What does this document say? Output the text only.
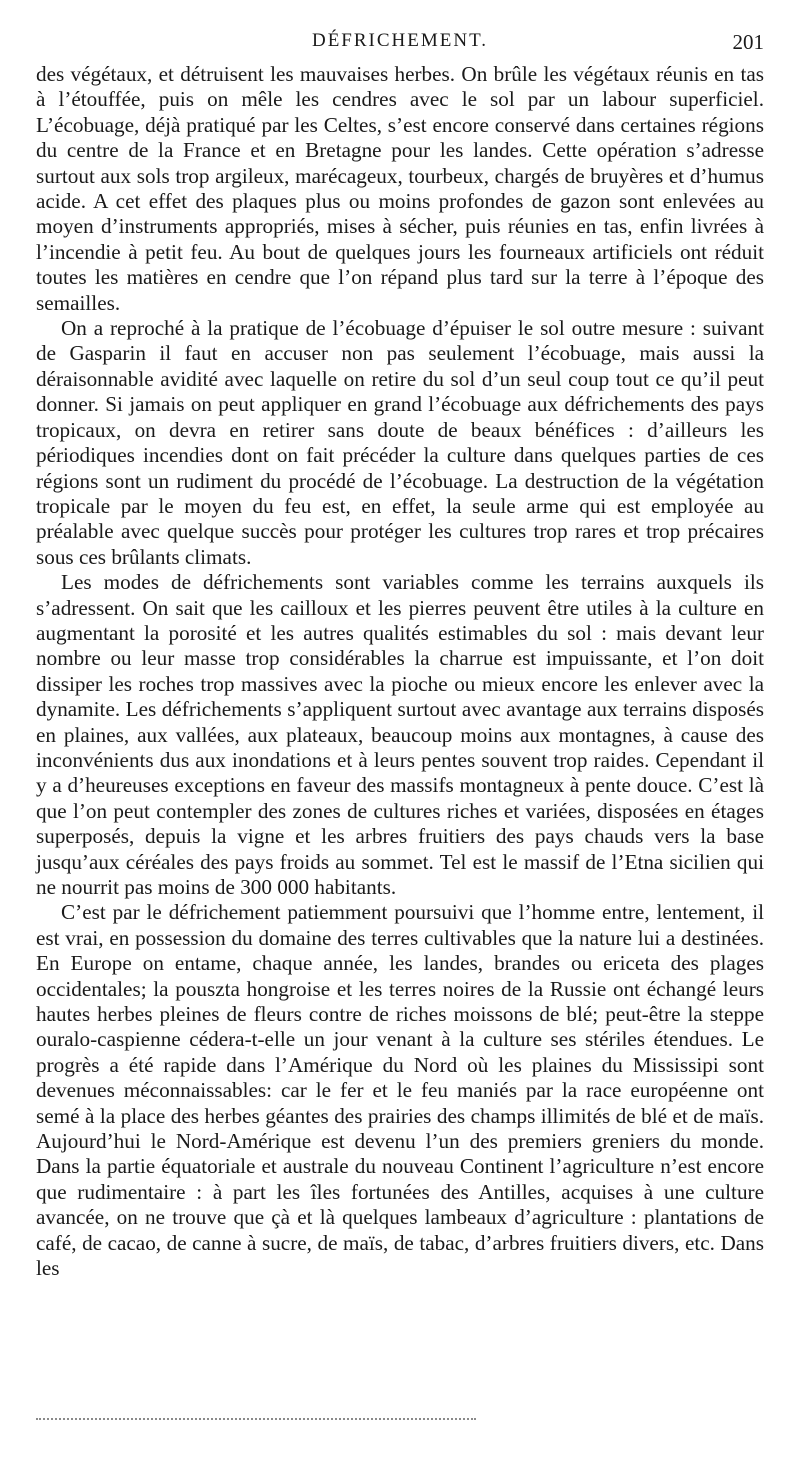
DÉFRICHEMENT.	201

des végétaux, et détruisent les mauvaises herbes. On brûle les végétaux réunis en tas à l’étouffée, puis on mêle les cendres avec le sol par un labour superficiel. L’écobuage, déjà pratiqué par les Celtes, s’est encore conservé dans certaines régions du centre de la France et en Bretagne pour les landes. Cette opération s’adresse surtout aux sols trop argileux, marécageux, tourbeux, chargés de bruyères et d’humus acide. A cet effet des plaques plus ou moins profondes de gazon sont enlevées au moyen d’instruments appropriés, mises à sécher, puis réunies en tas, enfin livrées à l’incendie à petit feu. Au bout de quelques jours les fourneaux artificiels ont réduit toutes les matières en cendre que l’on répand plus tard sur la terre à l’époque des semailles.

On a reproché à la pratique de l’écobuage d’épuiser le sol outre mesure : suivant de Gasparin il faut en accuser non pas seulement l’écobuage, mais aussi la déraisonnable avidité avec laquelle on retire du sol d’un seul coup tout ce qu’il peut donner. Si jamais on peut appliquer en grand l’écobuage aux défrichements des pays tropicaux, on devra en retirer sans doute de beaux bénéfices : d’ailleurs les périodiques incendies dont on fait précéder la culture dans quelques parties de ces régions sont un rudiment du procédé de l’écobuage. La destruction de la végétation tropicale par le moyen du feu est, en effet, la seule arme qui est employée au préalable avec quelque succès pour protéger les cultures trop rares et trop précaires sous ces brûlants climats.

Les modes de défrichements sont variables comme les terrains auxquels ils s’adressent. On sait que les cailloux et les pierres peuvent être utiles à la culture en augmentant la porosité et les autres qualités estimables du sol : mais devant leur nombre ou leur masse trop considérables la charrue est impuissante, et l’on doit dissiper les roches trop massives avec la pioche ou mieux encore les enlever avec la dynamite. Les défrichements s’appliquent surtout avec avantage aux terrains disposés en plaines, aux vallées, aux plateaux, beaucoup moins aux montagnes, à cause des inconvénients dus aux inondations et à leurs pentes souvent trop raides. Cependant il y a d’heureuses exceptions en faveur des massifs montagneux à pente douce. C’est là que l’on peut contempler des zones de cultures riches et variées, disposées en étages superposés, depuis la vigne et les arbres fruitiers des pays chauds vers la base jusqu’aux céréales des pays froids au sommet. Tel est le massif de l’Etna sicilien qui ne nourrit pas moins de 300 000 habitants.

C’est par le défrichement patiemment poursuivi que l’homme entre, lentement, il est vrai, en possession du domaine des terres cultivables que la nature lui a destinées. En Europe on entame, chaque année, les landes, brandes ou ericeta des plages occidentales; la pouszta hongroise et les terres noires de la Russie ont échangé leurs hautes herbes pleines de fleurs contre de riches moissons de blé; peut-être la steppe ouralo-caspienne cédera-t-elle un jour venant à la culture ses stériles étendues. Le progrès a été rapide dans l’Amérique du Nord où les plaines du Mississipi sont devenues méconnaissables: car le fer et le feu maniés par la race européenne ont semé à la place des herbes géantes des prairies des champs illimités de blé et de maïs. Aujourd’hui le Nord-Amérique est devenu l’un des premiers greniers du monde. Dans la partie équatoriale et australe du nouveau Continent l’agriculture n’est encore que rudimentaire : à part les îles fortunées des Antilles, acquises à une culture avancée, on ne trouve que çà et là quelques lambeaux d’agriculture : plantations de café, de cacao, de canne à sucre, de maïs, de tabac, d’arbres fruitiers divers, etc. Dans les
